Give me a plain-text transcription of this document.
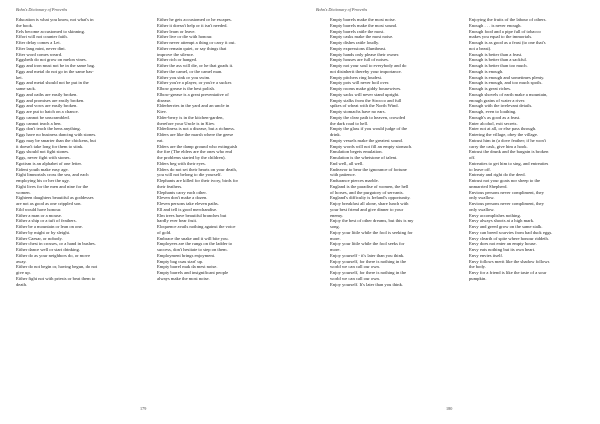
Bohn's Dictionary of Proverbs

Education is what you know, not what's in

the book.

Eels become accustomed to skinning.

Effort will not counter faith.

Efter delay comes a Let.

Efter lang mint, never dint.

Efter word comes weard.

Eggsbeth do not grow on melon vines.

Eggs and iron must not be in the same bag.

Eggs and metal do not go in the same bas-

ket.

Eggs and metal should not be put in the

same sack.

Eggs and oaths are easily broken.

Eggs and promises are easily broken.

Eggs and vows are easily broken.

Eggs are put to hatch on a chance.

Eggs cannot be unscrambled.

Eggs cannot teach a hen.

Eggs don't teach the hens anything.

Eggs have no business dancing with stones.

Eggs may be smarter than the chickens, but

it doesn't take long for them to stink.

Eggs should not fight stones.

Eggs, never fight with stones.

Egotism is an alphabet of one letter.

Eident youth make easy age.

Eight limnortals cross the sea, and each

employing his or her the ugy.

Eight lives for the men and nine for the

women.

Eighteen daughters beautiful as goddesses

are not as good as one crippled son.

Eild would have honour.

Either a man or a mouse.

Either a ship or a tuft of feathers.

Either be a mountain or lean on one.

Either by might or by sleight.

Either Caesar, or nobody.

Either chest in crosses, or a hand in bushes.

Either dance well or start drinking.

Either do as your neighbors do, or move

away.

Either do not begin or, having begun, do not

give up.

Either fight not with priests or beat them to

death.

Either he gets accustomed or he escapes.

Either it doesn't help or it isn't needed.

Either learn or leave.

Either live or die with honour.

Either never attempt a thing or carry it out.

Either remain quiet, or say things that

improve the silence.

Either rich or hanged.

Either the ass will die, or he that goads it.

Either the camel, or the camel man.

Either you sink or you swim.

Either you're a player, or you're a sucker.

Elbow grease is the best polish.

Elbow-grease is a great preventative of

disease.

Elderberries in the yard and an uncle in

Kiev.

Elder-berry is in the kitchen-garden,

therefore your Uncle is in Kiev.

Elderliness is not a disease, but a richness.

Elders are like the marsh where the geese

eat.

Elders are the damp ground who extinguish

the fire (The elders are the ones who end

the problems started by the children).

Elders beg with their eyes.

Elders do not set their hearts on your death,

you will not belong to die yourself.

Elephants are killed for their ivory, birds for

their feathers.

Elephants carry each other.

Eleven don't make a dozen.

Eleven persons take eleven paths.

Ell and tell is good merchandise.

Elm trees have beautiful branches but

hardly ever bear fruit.

Eloquence avails nothing against the voice

of gold.

Embrace the snake and it will bite you.

Employees are the rungs on the ladder to

success, don't hesitate to step on them.

Employment brings enjoyment.

Empty bag cuas start' up.

Empty barrel mak da mest noise.

Empty barrels and insignificant people

always make the most noise.

179
Bohn's Dictionary of Proverbs

Empty barrels make the most noise.

Empty barrels make the most sound.

Empty barrels rattle the most.

Empty casks make the most noise.

Empty dishes rattle loudly.

Empty expressions illumbeast.

Empty hands only please their owner.

Empty houses are full of noises.

Empty not your soul to everybody and do

not disinherit thereby your importance.

Empty pitchers ring loudest.

Empty pots will never boil over.

Empty rooms make giddy housewives.

Empty sacks will never stand upright.

Empty stalks from the Sirocco and full

spikes of wheat with the North Wind.

Empty stomachs have no ears.

Empty the clear path to heaven, crowded

the dark road to hell.

Empty the glass if you would judge of the

drink.

Empty vessels make the greatest sound.

Empty words will not fill an empty stomach.

Emulation begets emulation.

Emulation is the whetstone of talent.

End well, all well.

Endeavor to bear the ignorance of fortune

with patience.

Endurance pierces marble.

England is the paradise of women, the hell

of horses, and the purgatory of servants.

England's difficulty is Ireland's opportunity.

Enjoy breakfast all alone, share lunch with

your best friend and give dinner to your

enemy.

Enjoy the best of other dreams, but this is my

song.

Enjoy your little while the fool is seeking for

more.

Enjoy your little while the fool seeks for

more.

Enjoy yourself - it's later than you think.

Enjoy yourself, for there is nothing in the

world we can call our own.

Enjoy yourself, for there is nothing in the

world we can call our own.

Enjoy yourself. It's later than you think.

Enjoying the fruits of the labour of others.

Enough . . . is never enough.

Enough food and a pipe full of tobacco

makes you equal to the immortals.

Enough is as good as a feast (to one that's

not a beast).

Enough is better than a feast.

Enough is better than a sackful.

Enough is better than too much.

Enough is enough.

Enough is enough and sometimes plenty.

Enough is enough, and too much spoils.

Enough is great riches.

Enough shovels of earth make a mountain,

enough grains of water a river.

Enough with the irrelevant details.

Enough, even to loathing.

Enough's as good as a feast.

Enter alcohol, exit secrets.

Enter not at all, or else pass through.

Entering the village, obey the village.

Entrust him in (a dove feather; if he won't

carry the cask, give him a hook.

Entrust the drunk and the bargain is broken

off.

Entreaties to get him to sing, and entreaties

to leave off.

Entreaty and right do the deed.

Entrust not your goats nor sheep to the

unmarried Shepherd.

Envious persons never compliment, they

only swallow.

Envious persons never compliment, they

only swallow.

Envy accomplishes nothing.

Envy always shoots at a high mark.

Envy and greed grow on the same stalk.

Envy can breed scurvies from bad duck eggs.

Envy clearth of spite where honour riddeth.

Envy does not enter an empty house.

Envy eats nothing but its own heart.

Envy envies itself.

Envy follows merit like the shadow follows

the body.

Envy for a friend is like the taste of a sour

pumpkin.

180
